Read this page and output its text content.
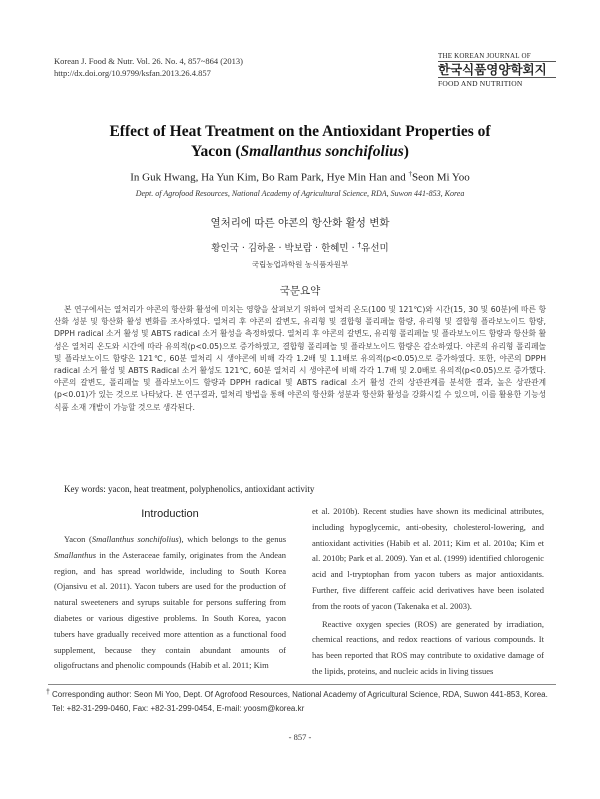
Korean J. Food & Nutr. Vol. 26. No. 4, 857~864 (2013)
http://dx.doi.org/10.9799/ksfan.2013.26.4.857
THE KOREAN JOURNAL OF
한국식품영양학회지
FOOD AND NUTRITION
Effect of Heat Treatment on the Antioxidant Properties of
Yacon (Smallanthus sonchifolius)
In Guk Hwang, Ha Yun Kim, Bo Ram Park, Hye Min Han and †Seon Mi Yoo
Dept. of Agrofood Resources, National Academy of Agricultural Science, RDA, Suwon 441-853, Korea
열처리에 따른 야콘의 항산화 활성 변화
황인국 · 김하윤 · 박보람 · 한혜민 · †유선미
국립농업과학원 농식품자원부
국문요약
본 연구에서는 열처리가 야콘의 항산화 활성에 미치는 영향을 살펴보기 위하여 열처리 온도(100 및 121℃)와 시간(15, 30 및 60분)에 따른 항산화 성분 및 항산화 활성 변화를 조사하였다. 열처리 후 야콘의 갈변도, 유리형 및 결합형 폴리페놀 함량, 유리형 및 결합형 플라보노이드 함량, DPPH radical 소거 활성 및 ABTS radical 소거 활성을 측정하였다. 열처리 후 야콘의 갈변도, 유리형 폴리페놀 및 플라보노이드 함량과 항산화 활성은 열처리 온도와 시간에 따라 유의적(p<0.05)으로 증가하였고, 결합형 폴리페놀 및 플라보노이드 함량은 감소하였다. 야콘의 유리형 폴리페놀 및 플라보노이드 함량은 121℃, 60분 열처리 시 생야콘에 비해 각각 1.2배 및 1.1배로 유의적(p<0.05)으로 증가하였다. 또한, 야콘의 DPPH radical 소거 활성 및 ABTS Radical 소거 활성도 121℃, 60분 열처리 시 생야콘에 비해 각각 1.7배 및 2.0배로 유의적(p<0.05)으로 증가했다. 야콘의 갈변도, 폴리페놀 및 플라보노이드 함량과 DPPH radical 및 ABTS radical 소거 활성 간의 상관관계를 분석한 결과, 높은 상관관계(p<0.01)가 있는 것으로 나타났다. 본 연구결과, 열처리 방법을 통해 야콘의 항산화 성분과 항산화 활성을 강화시킬 수 있으며, 이를 활용한 기능성 식품 소재 개발이 가능할 것으로 생각된다.
Key words: yacon, heat treatment, polyphenolics, antioxidant activity
Introduction

Yacon (Smallanthus sonchifolius), which belongs to the genus Smallanthus in the Asteraceae family, originates from the Andean region, and has spread worldwide, including to South Korea (Ojansivu et al. 2011). Yacon tubers are used for the production of natural sweeteners and syrups suitable for persons suffering from diabetes or various digestive problems. In South Korea, yacon tubers have gradually received more attention as a functional food supplement, because they contain abundant amounts of oligofructans and phenolic compounds (Habib et al. 2011; Kim

et al. 2010b). Recent studies have shown its medicinal attributes, including hypoglycemic, anti-obesity, cholesterol-lowering, and antioxidant activities (Habib et al. 2011; Kim et al. 2010a; Kim et al. 2010b; Park et al. 2009). Yan et al. (1999) identified chlorogenic acid and l-tryptophan from yacon tubers as major antioxidants. Further, five different caffeic acid derivatives have been isolated from the roots of yacon (Takenaka et al. 2003).

Reactive oxygen species (ROS) are generated by irradiation, chemical reactions, and redox reactions of various compounds. It has been reported that ROS may contribute to oxidative damage of the lipids, proteins, and nucleic acids in living tissues

† Corresponding author: Seon Mi Yoo, Dept. Of Agrofood Resources, National Academy of Agricultural Science, RDA, Suwon 441-853, Korea. Tel: +82-31-299-0460, Fax: +82-31-299-0454, E-mail: yoosm@korea.kr
- 857 -
